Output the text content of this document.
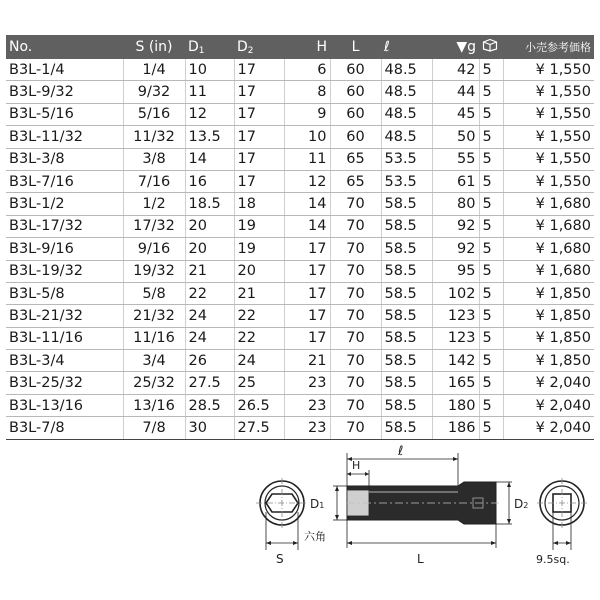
No.	S (in)	$D_1$	$D_2$	H	L	ℓ	▼g		小売参考価格
B3L-1/4	1/4	10	17	6	60	48.5	42	5	¥ 1,550
B3L-9/32	9/32	11	17	8	60	48.5	44	5	¥ 1,550
B3L-5/16	5/16	12	17	9	60	48.5	45	5	¥ 1,550
B3L-11/32	11/32	13.5	17	10	60	48.5	50	5	¥ 1,550
B3L-3/8	3/8	14	17	11	65	53.5	55	5	¥ 1,550
B3L-7/16	7/16	16	17	12	65	53.5	61	5	¥ 1,550
B3L-1/2	1/2	18.5	18	14	70	58.5	80	5	¥ 1,680
B3L-17/32	17/32	20	19	14	70	58.5	92	5	¥ 1,680
B3L-9/16	9/16	20	19	17	70	58.5	92	5	¥ 1,680
B3L-19/32	19/32	21	20	17	70	58.5	95	5	¥ 1,680
B3L-5/8	5/8	22	21	17	70	58.5	102	5	¥ 1,850
B3L-21/32	21/32	24	22	17	70	58.5	123	5	¥ 1,850
B3L-11/16	11/16	24	22	17	70	58.5	123	5	¥ 1,850
B3L-3/4	3/4	26	24	21	70	58.5	142	5	¥ 1,850
B3L-25/32	25/32	27.5	25	23	70	58.5	165	5	¥ 2,040
B3L-13/16	13/16	28.5	26.5	23	70	58.5	180	5	¥ 2,040
B3L-7/8	7/8	30	27.5	23	70	58.5	186	5	¥ 2,040
S
ℓ
H
D1
六角
D2
L	9.5sq.
